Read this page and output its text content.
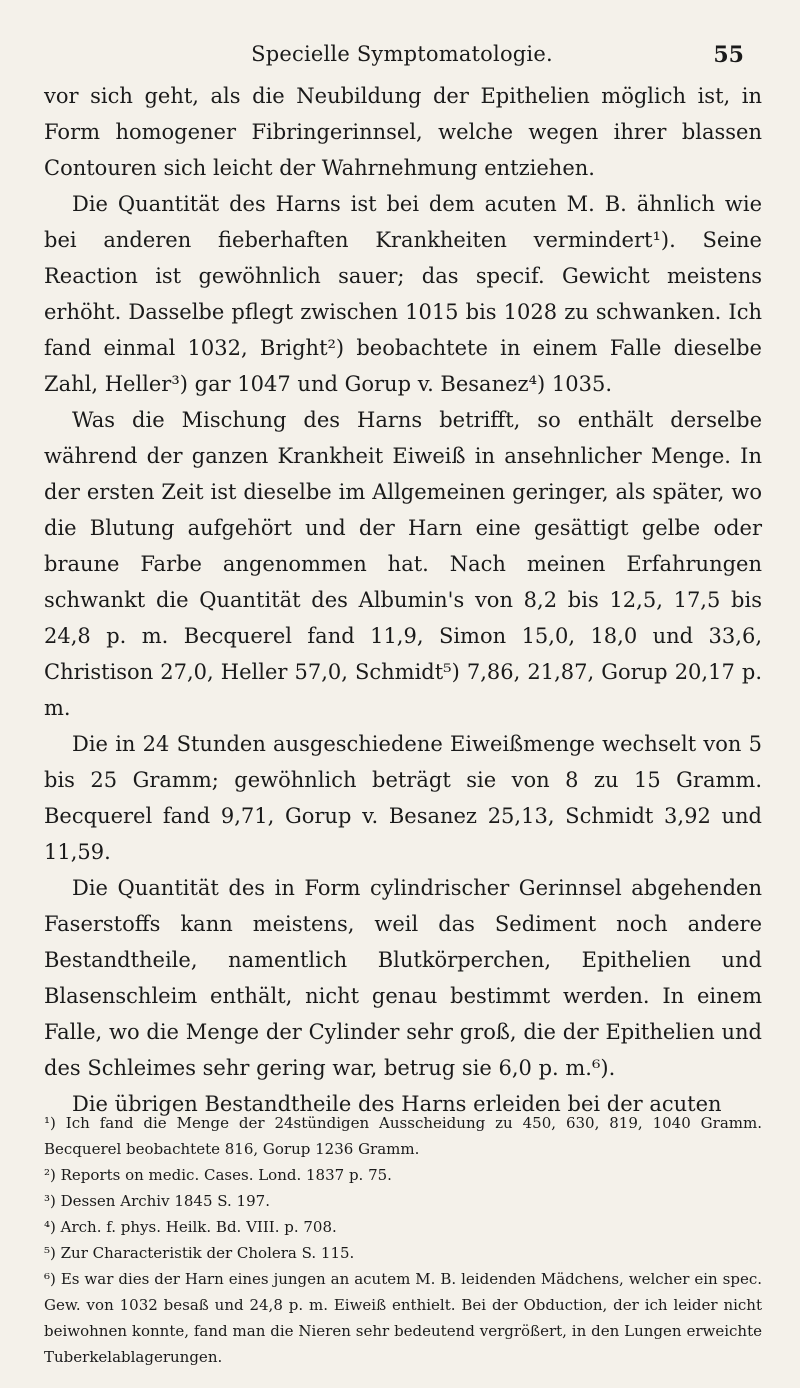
Specielle Symptomatologie.	55

vor sich geht, als die Neubildung der Epithelien möglich ist, in Form homogener Fibringerinnsel, welche wegen ihrer blassen Contouren sich leicht der Wahrnehmung entziehen.

Die Quantität des Harns ist bei dem acuten M. B. ähnlich wie bei anderen fieberhaften Krankheiten vermindert¹). Seine Reaction ist gewöhnlich sauer; das specif. Gewicht meistens erhöht. Dasselbe pflegt zwischen 1015 bis 1028 zu schwanken. Ich fand einmal 1032, Bright²) beobachtete in einem Falle dieselbe Zahl, Heller³) gar 1047 und Gorup v. Besanez⁴) 1035.

Was die Mischung des Harns betrifft, so enthält derselbe während der ganzen Krankheit Eiweiß in ansehnlicher Menge. In der ersten Zeit ist dieselbe im Allgemeinen geringer, als später, wo die Blutung aufgehört und der Harn eine gesättigt gelbe oder braune Farbe angenommen hat. Nach meinen Erfahrungen schwankt die Quantität des Albumin's von 8,2 bis 12,5, 17,5 bis 24,8 p. m. Becquerel fand 11,9, Simon 15,0, 18,0 und 33,6, Christison 27,0, Heller 57,0, Schmidt⁵) 7,86, 21,87, Gorup 20,17 p. m.

Die in 24 Stunden ausgeschiedene Eiweißmenge wechselt von 5 bis 25 Gramm; gewöhnlich beträgt sie von 8 zu 15 Gramm. Becquerel fand 9,71, Gorup v. Besanez 25,13, Schmidt 3,92 und 11,59.

Die Quantität des in Form cylindrischer Gerinnsel abgehenden Faserstoffs kann meistens, weil das Sediment noch andere Bestandtheile, namentlich Blutkörperchen, Epithelien und Blasenschleim enthält, nicht genau bestimmt werden. In einem Falle, wo die Menge der Cylinder sehr groß, die der Epithelien und des Schleimes sehr gering war, betrug sie 6,0 p. m.⁶).

Die übrigen Bestandtheile des Harns erleiden bei der acuten

¹) Ich fand die Menge der 24stündigen Ausscheidung zu 450, 630, 819, 1040 Gramm. Becquerel beobachtete 816, Gorup 1236 Gramm.

²) Reports on medic. Cases. Lond. 1837 p. 75.

³) Dessen Archiv 1845 S. 197.

⁴) Arch. f. phys. Heilk. Bd. VIII. p. 708.

⁵) Zur Characteristik der Cholera S. 115.

⁶) Es war dies der Harn eines jungen an acutem M. B. leidenden Mädchens, welcher ein spec. Gew. von 1032 besaß und 24,8 p. m. Eiweiß enthielt. Bei der Obduction, der ich leider nicht beiwohnen konnte, fand man die Nieren sehr bedeutend vergrößert, in den Lungen erweichte Tuberkelablagerungen.
